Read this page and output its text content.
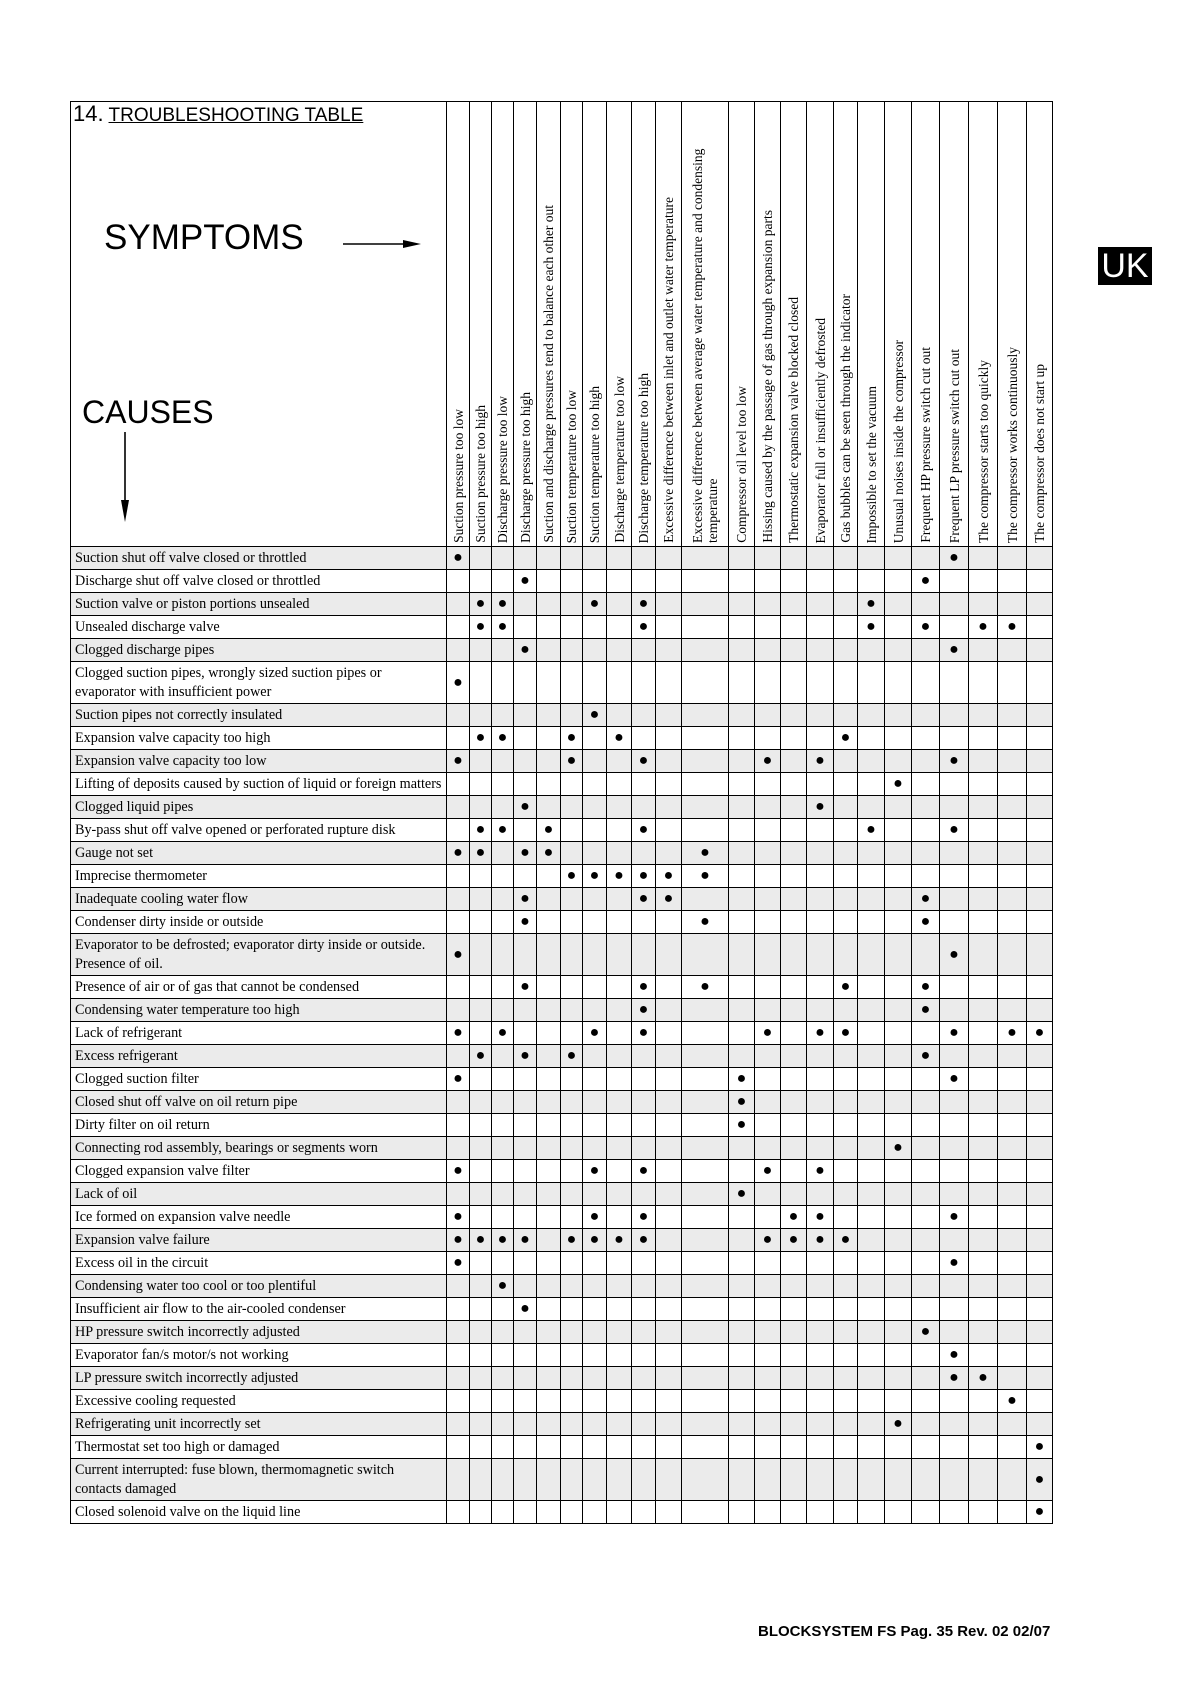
14. TROUBLESHOOTING TABLE
SYMPTOMS
CAUSES	Suction pressure too low	Suction pressure too high	Discharge pressure too low	Discharge pressure too high	Suction and discharge pressures tend to balance each other out	Suction temperature too low	Suction temperature too high	Discharge temperature too low	Discharge temperature too high	Excessive difference between inlet and outlet water temperature	Excessive difference between average water temperature and condensing temperature	Compressor oil level too low	Hissing caused by the passage of gas through expansion parts	Thermostatic expansion valve blocked closed	Evaporator full or insufficiently defrosted	Gas bubbles can be seen through the indicator	Impossible to set the vacuum	Unusual noises inside the compressor	Frequent HP pressure switch cut out	Frequent LP pressure switch cut out	The compressor starts too quickly	The compressor works continuously	The compressor does not start up

Suction shut off valve closed or throttled	●																			●			
Discharge shut off valve closed or throttled				●															●				
Suction valve or piston portions unsealed		●	●				●		●								●						
Unsealed discharge valve		●	●						●								●		●		●	●	
Clogged discharge pipes				●																●			
Clogged suction pipes, wrongly sized suction pipes or evaporator with insufficient power	●																						
Suction pipes not correctly insulated							●																
Expansion valve capacity too high		●	●			●		●								●							
Expansion valve capacity too low	●					●			●				●		●					●			
Lifting of deposits caused by suction of liquid or foreign matters																		●					
Clogged liquid pipes				●											●								
By-pass shut off valve opened or perforated rupture disk		●	●		●				●								●			●			
Gauge not set	●	●		●	●						●												
Imprecise thermometer						●	●	●	●	●	●												
Inadequate cooling water flow				●					●	●									●				
Condenser dirty inside or outside				●							●								●				
Evaporator to be defrosted; evaporator dirty inside or outside. Presence of oil.	●																			●			
Presence of air or of gas that cannot be condensed				●					●		●					●			●				
Condensing water temperature too high									●										●				
Lack of refrigerant	●		●				●		●				●		●	●				●		●	●
Excess refrigerant		●		●		●													●				
Clogged suction filter	●											●								●			
Closed shut off valve on oil return pipe												●											
Dirty filter on oil return												●											
Connecting rod assembly, bearings or segments worn																		●					
Clogged expansion valve filter	●						●		●				●		●								
Lack of oil												●											
Ice formed on expansion valve needle	●						●		●					●	●					●			
Expansion valve failure	●	●	●	●		●	●	●	●				●	●	●	●							
Excess oil in the circuit	●																			●			
Condensing water too cool or too plentiful			●																				
Insufficient air flow to the air-cooled condenser				●																			
HP pressure switch incorrectly adjusted																			●				
Evaporator fan/s motor/s not working																				●			
LP pressure switch incorrectly adjusted																				●	●		
Excessive cooling requested																						●	
Refrigerating unit incorrectly set																		●					
Thermostat set too high or damaged																							●
Current interrupted: fuse blown, thermomagnetic switch contacts damaged																							●
Closed solenoid valve on the liquid line																							●
UK
BLOCKSYSTEM FS Pag. 35 Rev. 02 02/07
